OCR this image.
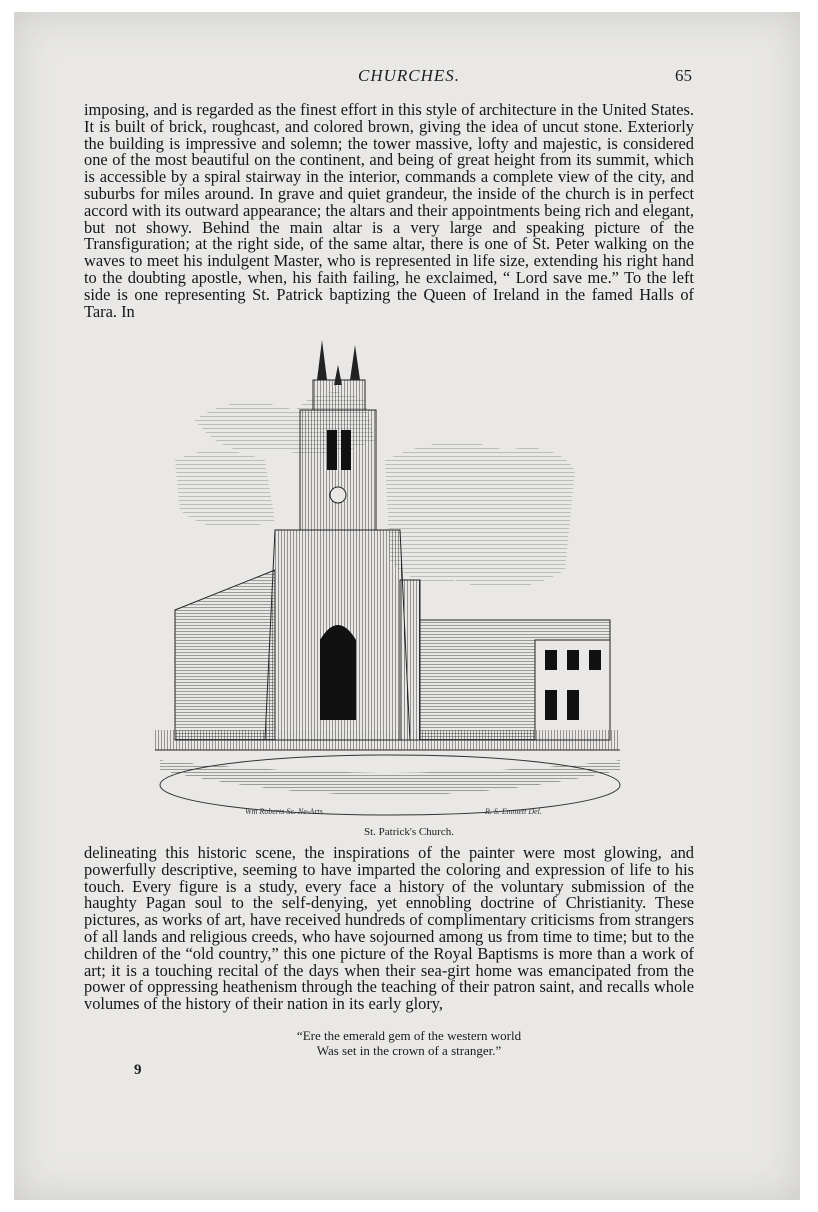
CHURCHES.	65

imposing, and is regarded as the finest effort in this style of architecture in the United States. It is built of brick, roughcast, and colored brown, giving the idea of uncut stone. Exteriorly the building is impressive and solemn; the tower massive, lofty and majestic, is considered one of the most beautiful on the continent, and being of great height from its summit, which is accessible by a spiral stairway in the interior, commands a complete view of the city, and suburbs for miles around. In grave and quiet grandeur, the inside of the church is in perfect accord with its outward appearance; the altars and their appointments being rich and elegant, but not showy. Behind the main altar is a very large and speaking picture of the Transfiguration; at the right side, of the same altar, there is one of St. Peter walking on the waves to meet his indulgent Master, who is represented in life size, extending his right hand to the doubting apostle, when, his faith failing, he exclaimed, “ Lord save me.” To the left side is one representing St. Patrick baptizing the Queen of Ireland in the famed Halls of Tara. In

Wm Roberts Sc. Ne-Arts	R. S. Emmett Del.
St. Patrick's Church.

delineating this historic scene, the inspirations of the painter were most glowing, and powerfully descriptive, seeming to have imparted the coloring and expression of life to his touch. Every figure is a study, every face a history of the voluntary submission of the haughty Pagan soul to the self-denying, yet ennobling doctrine of Christianity. These pictures, as works of art, have received hundreds of complimentary criticisms from strangers of all lands and religious creeds, who have sojourned among us from time to time; but to the children of the “old country,” this one picture of the Royal Baptisms is more than a work of art; it is a touching recital of the days when their sea-girt home was emancipated from the power of oppressing heathenism through the teaching of their patron saint, and recalls whole volumes of the history of their nation in its early glory,

“Ere the emerald gem of the western world
Was set in the crown of a stranger.”
9
